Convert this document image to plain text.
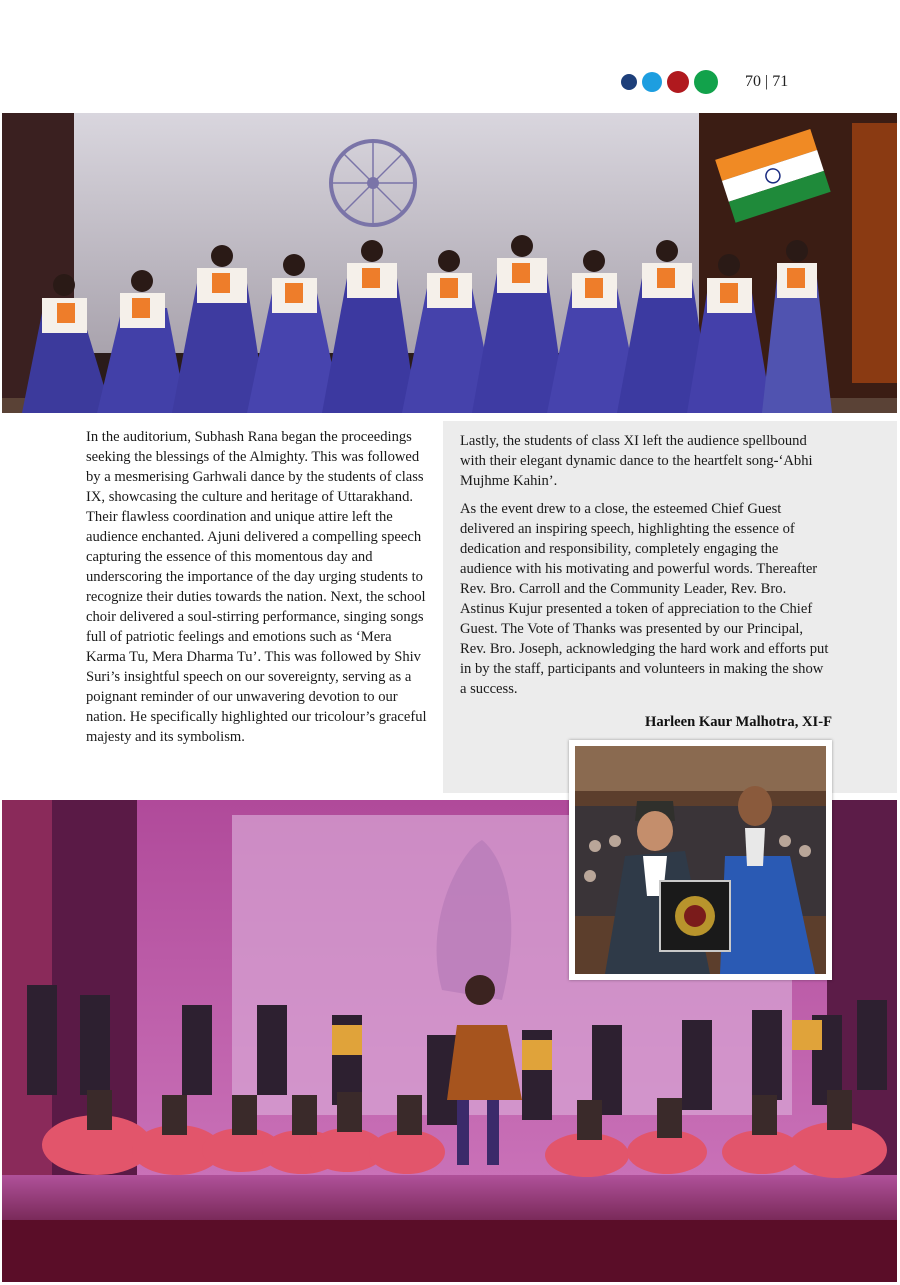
70 | 71

In the auditorium, Subhash Rana began the proceedings seeking the blessings of the Almighty. This was followed by a mesmerising Garhwali dance by the students of class IX, showcasing the culture and heritage of Uttarakhand. Their flawless coordination and unique attire left the audience enchanted. Ajuni delivered a compelling speech capturing the essence of this momentous day and underscoring the importance of the day urging students to recognize their duties towards the nation. Next, the school choir delivered a soul-stirring performance, singing songs full of patriotic feelings and emotions such as ‘Mera Karma Tu, Mera Dharma Tu’. This was followed by Shiv Suri’s insightful speech on our sovereignty, serving as a poignant reminder of our unwavering devotion to our nation. He specifically highlighted our tricolour’s graceful majesty and its symbolism.

Lastly, the students of class XI left the audience spellbound with their elegant dynamic dance to the heartfelt song-‘Abhi Mujhme Kahin’.

As the event drew to a close, the esteemed Chief Guest delivered an inspiring speech, highlighting the essence of dedication and responsibility, completely engaging the audience with his motivating and powerful words. Thereafter Rev. Bro. Carroll and the Community Leader, Rev. Bro. Astinus Kujur presented a token of appreciation to the Chief Guest. The Vote of Thanks was presented by our Principal, Rev. Bro. Joseph, acknowledging the hard work and efforts put in by the staff, participants and volunteers in making the show a success.

Harleen Kaur Malhotra, XI-F
